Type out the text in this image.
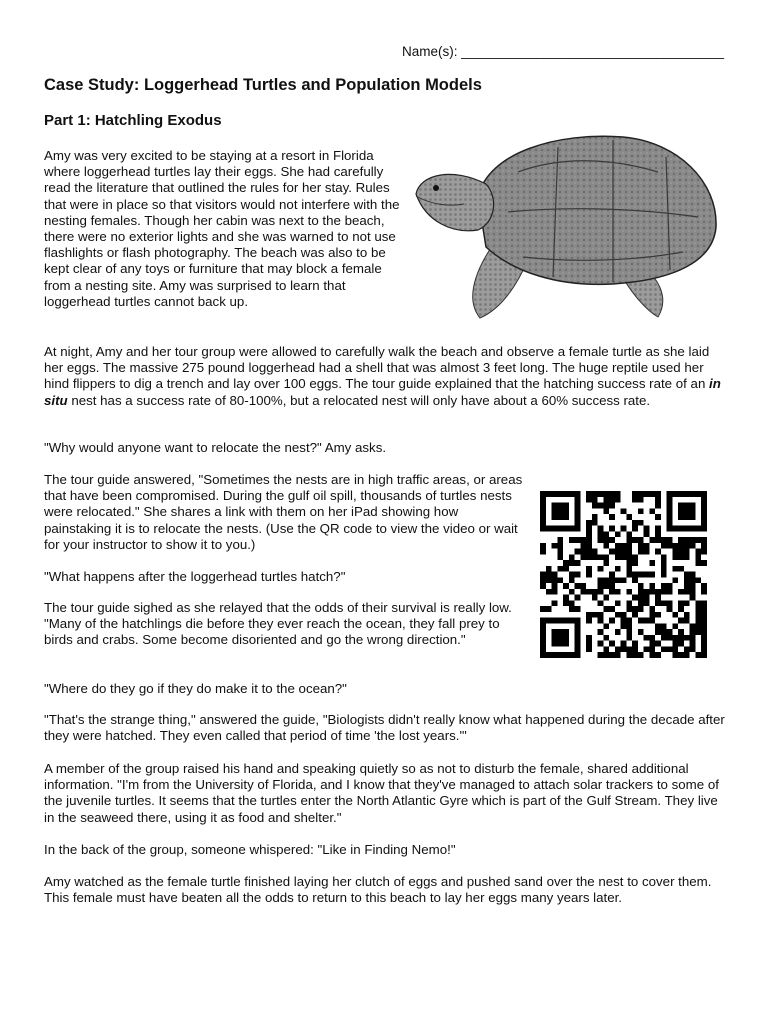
Name(s): ___________________________________
Case Study: Loggerhead Turtles and Population Models
Part 1: Hatchling Exodus

Amy was very excited to be staying at a resort in Florida where loggerhead turtles lay their eggs. She had carefully read the literature that outlined the rules for her stay. Rules that were in place so that visitors would not interfere with the nesting females. Though her cabin was next to the beach, there were no exterior lights and she was warned to not use flashlights or flash photography. The beach was also to be kept clear of any toys or furniture that may block a female from a nesting site. Amy was surprised to learn that loggerhead turtles cannot back up.

At night, Amy and her tour group were allowed to carefully walk the beach and observe a female turtle as she laid her eggs. The massive 275 pound loggerhead had a shell that was almost 3 feet long. The huge reptile used her hind flippers to dig a trench and lay over 100 eggs. The tour guide explained that the hatching success rate of an in situ nest has a success rate of 80-100%, but a relocated nest will only have about a 60% success rate.

"Why would anyone want to relocate the nest?" Amy asks.

The tour guide answered, "Sometimes the nests are in high traffic areas, or areas that have been compromised. During the gulf oil spill, thousands of turtles nests were relocated." She shares a link with them on her iPad showing how painstaking it is to relocate the nests. (Use the QR code to view the video or wait for your instructor to show it to you.)

"What happens after the loggerhead turtles hatch?"

The tour guide sighed as she relayed that the odds of their survival is really low. "Many of the hatchlings die before they ever reach the ocean, they fall prey to birds and crabs. Some become disoriented and go the wrong direction."

"Where do they go if they do make it to the ocean?"

"That's the strange thing," answered the guide, "Biologists didn't really know what happened during the decade after they were hatched. They even called that period of time 'the lost years.'"

A member of the group raised his hand and speaking quietly so as not to disturb the female, shared additional information. "I'm from the University of Florida, and I know that they've managed to attach solar trackers to some of the juvenile turtles. It seems that the turtles enter the North Atlantic Gyre which is part of the Gulf Stream. They live in the seaweed there, using it as food and shelter."

In the back of the group, someone whispered: "Like in Finding Nemo!"

Amy watched as the female turtle finished laying her clutch of eggs and pushed sand over the nest to cover them. This female must have beaten all the odds to return to this beach to lay her eggs many years later.
